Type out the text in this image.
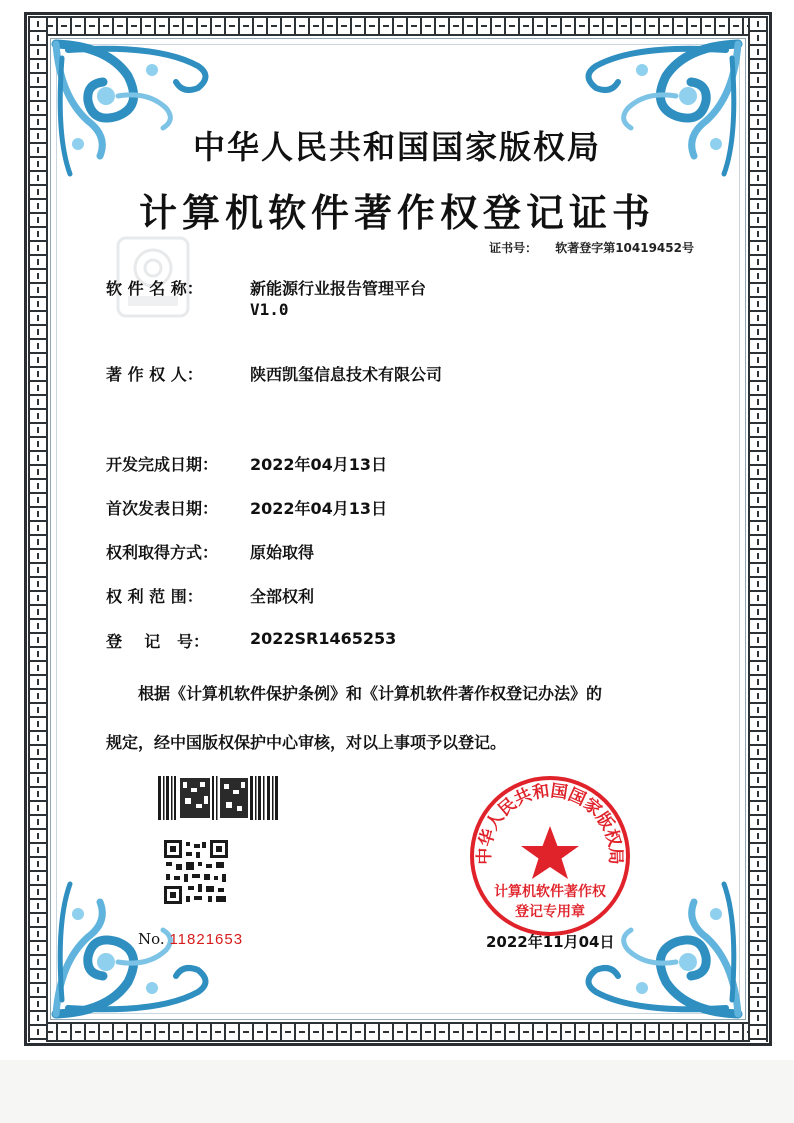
中华人民共和国国家版权局
计算机软件著作权登记证书
证书号： 软著登字第10419452号
软 件 名 称：	新能源行业报告管理平台
V1.0
著 作 权 人：	陕西凯玺信息技术有限公司
开发完成日期： 2022年04月13日
首次发表日期： 2022年04月13日
权利取得方式： 原始取得
权 利 范 围：	全部权利
登    记   号：	2022SR1465253
根据《计算机软件保护条例》和《计算机软件著作权登记办法》的
规定，经中国版权保护中心审核，对以上事项予以登记。
No. 11821653
中华人民共和国国家版权局
计算机软件著作权
登记专用章
2022年11月04日
